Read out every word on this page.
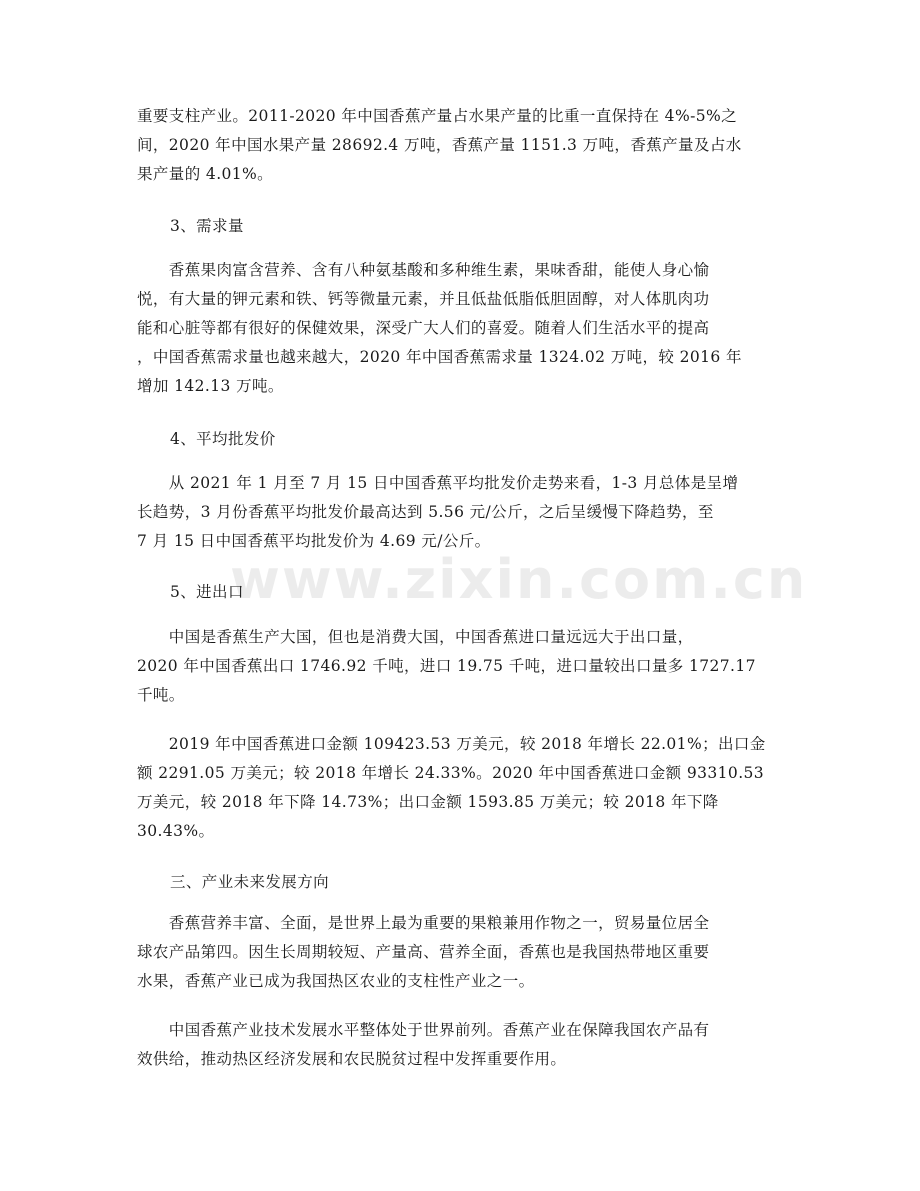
www.zixin.com.cn

重要支柱产业。2011-2020 年中国香蕉产量占水果产量的比重一直保持在 4%-5%之
间，2020 年中国水果产量 28692.4 万吨，香蕉产量 1151.3 万吨，香蕉产量及占水
果产量的 4.01%。

3、需求量

　　香蕉果肉富含营养、含有八种氨基酸和多种维生素，果味香甜，能使人身心愉
悦，有大量的钾元素和铁、钙等微量元素，并且低盐低脂低胆固醇，对人体肌肉功
能和心脏等都有很好的保健效果，深受广大人们的喜爱。随着人们生活水平的提高
，中国香蕉需求量也越来越大，2020 年中国香蕉需求量 1324.02 万吨，较 2016 年
增加 142.13 万吨。

4、平均批发价

　　从 2021 年 1 月至 7 月 15 日中国香蕉平均批发价走势来看，1-3 月总体是呈增
长趋势，3 月份香蕉平均批发价最高达到 5.56 元/公斤，之后呈缓慢下降趋势，至
7 月 15 日中国香蕉平均批发价为 4.69 元/公斤。

5、进出口

　　中国是香蕉生产大国，但也是消费大国，中国香蕉进口量远远大于出口量，
2020 年中国香蕉出口 1746.92 千吨，进口 19.75 千吨，进口量较出口量多 1727.17
千吨。

　　2019 年中国香蕉进口金额 109423.53 万美元，较 2018 年增长 22.01%；出口金
额 2291.05 万美元；较 2018 年增长 24.33%。2020 年中国香蕉进口金额 93310.53
万美元，较 2018 年下降 14.73%；出口金额 1593.85 万美元；较 2018 年下降
30.43%。

三、产业未来发展方向

　　香蕉营养丰富、全面，是世界上最为重要的果粮兼用作物之一，贸易量位居全
球农产品第四。因生长周期较短、产量高、营养全面，香蕉也是我国热带地区重要
水果，香蕉产业已成为我国热区农业的支柱性产业之一。

　　中国香蕉产业技术发展水平整体处于世界前列。香蕉产业在保障我国农产品有
效供给，推动热区经济发展和农民脱贫过程中发挥重要作用。
